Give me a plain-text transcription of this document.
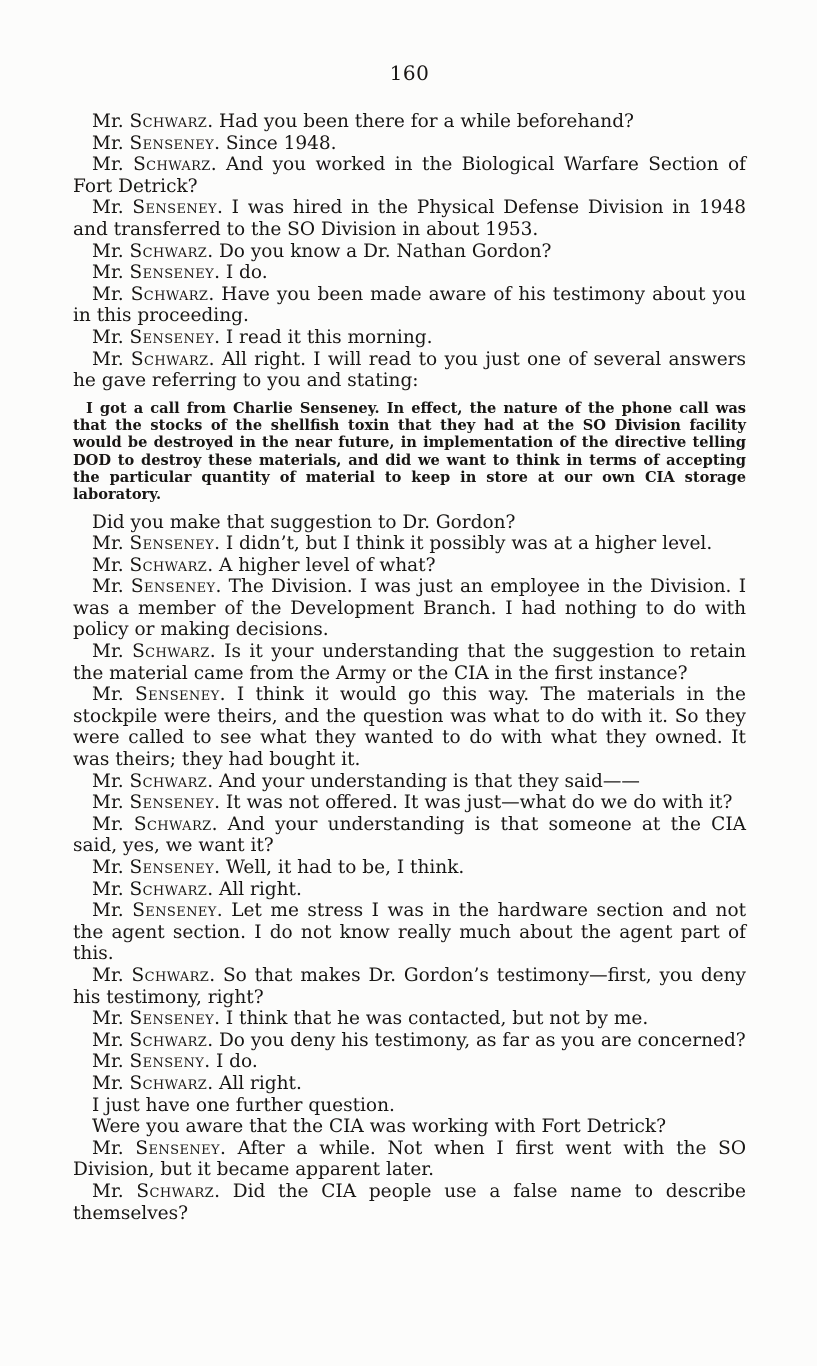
160

Mr. Schwarz. Had you been there for a while beforehand?

Mr. Senseney. Since 1948.

Mr. Schwarz. And you worked in the Biological Warfare Section of Fort Detrick?

Mr. Senseney. I was hired in the Physical Defense Division in 1948 and transferred to the SO Division in about 1953.

Mr. Schwarz. Do you know a Dr. Nathan Gordon?

Mr. Senseney. I do.

Mr. Schwarz. Have you been made aware of his testimony about you in this proceeding.

Mr. Senseney. I read it this morning.

Mr. Schwarz. All right. I will read to you just one of several answers he gave referring to you and stating:

I got a call from Charlie Senseney. In effect, the nature of the phone call was that the stocks of the shellfish toxin that they had at the SO Division facility would be destroyed in the near future, in implementation of the directive telling DOD to destroy these materials, and did we want to think in terms of accepting the particular quantity of material to keep in store at our own CIA storage laboratory.

Did you make that suggestion to Dr. Gordon?

Mr. Senseney. I didn’t, but I think it possibly was at a higher level.

Mr. Schwarz. A higher level of what?

Mr. Senseney. The Division. I was just an employee in the Division. I was a member of the Development Branch. I had nothing to do with policy or making decisions.

Mr. Schwarz. Is it your understanding that the suggestion to retain the material came from the Army or the CIA in the first instance?

Mr. Senseney. I think it would go this way. The materials in the stockpile were theirs, and the question was what to do with it. So they were called to see what they wanted to do with what they owned. It was theirs; they had bought it.

Mr. Schwarz. And your understanding is that they said——

Mr. Senseney. It was not offered. It was just—what do we do with it?

Mr. Schwarz. And your understanding is that someone at the CIA said, yes, we want it?

Mr. Senseney. Well, it had to be, I think.

Mr. Schwarz. All right.

Mr. Senseney. Let me stress I was in the hardware section and not the agent section. I do not know really much about the agent part of this.

Mr. Schwarz. So that makes Dr. Gordon’s testimony—first, you deny his testimony, right?

Mr. Senseney. I think that he was contacted, but not by me.

Mr. Schwarz. Do you deny his testimony, as far as you are concerned?

Mr. Senseny. I do.

Mr. Schwarz. All right.

I just have one further question.

Were you aware that the CIA was working with Fort Detrick?

Mr. Senseney. After a while. Not when I first went with the SO Division, but it became apparent later.

Mr. Schwarz. Did the CIA people use a false name to describe themselves?
